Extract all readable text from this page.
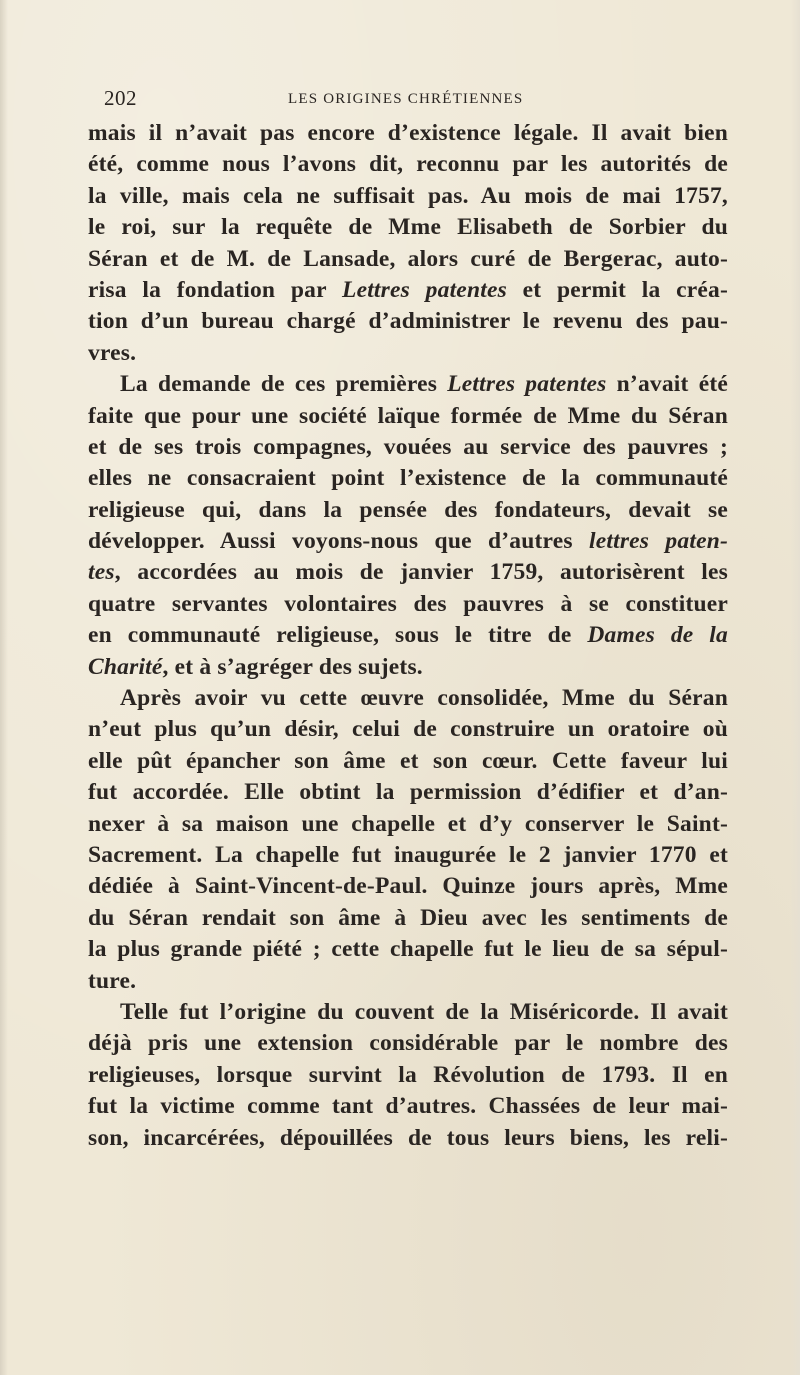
202	LES ORIGINES CHRÉTIENNES
mais il n’avait pas encore d’existence légale. Il avait bien
été, comme nous l’avons dit, reconnu par les autorités de
la ville, mais cela ne suffisait pas. Au mois de mai 1757,
le roi, sur la requête de Mme Elisabeth de Sorbier du
Séran et de M. de Lansade, alors curé de Bergerac, auto-
risa la fondation par Lettres patentes et permit la créa-
tion d’un bureau chargé d’administrer le revenu des pau-
vres.
La demande de ces premières Lettres patentes n’avait été
faite que pour une société laïque formée de Mme du Séran
et de ses trois compagnes, vouées au service des pauvres ;
elles ne consacraient point l’existence de la communauté
religieuse qui, dans la pensée des fondateurs, devait se
développer. Aussi voyons-nous que d’autres lettres paten-
tes, accordées au mois de janvier 1759, autorisèrent les
quatre servantes volontaires des pauvres à se constituer
en communauté religieuse, sous le titre de Dames de la
Charité, et à s’agréger des sujets.
Après avoir vu cette œuvre consolidée, Mme du Séran
n’eut plus qu’un désir, celui de construire un oratoire où
elle pût épancher son âme et son cœur. Cette faveur lui
fut accordée. Elle obtint la permission d’édifier et d’an-
nexer à sa maison une chapelle et d’y conserver le Saint-
Sacrement. La chapelle fut inaugurée le 2 janvier 1770 et
dédiée à Saint-Vincent-de-Paul. Quinze jours après, Mme
du Séran rendait son âme à Dieu avec les sentiments de
la plus grande piété ; cette chapelle fut le lieu de sa sépul-
ture.
Telle fut l’origine du couvent de la Miséricorde. Il avait
déjà pris une extension considérable par le nombre des
religieuses, lorsque survint la Révolution de 1793. Il en
fut la victime comme tant d’autres. Chassées de leur mai-
son, incarcérées, dépouillées de tous leurs biens, les reli-
